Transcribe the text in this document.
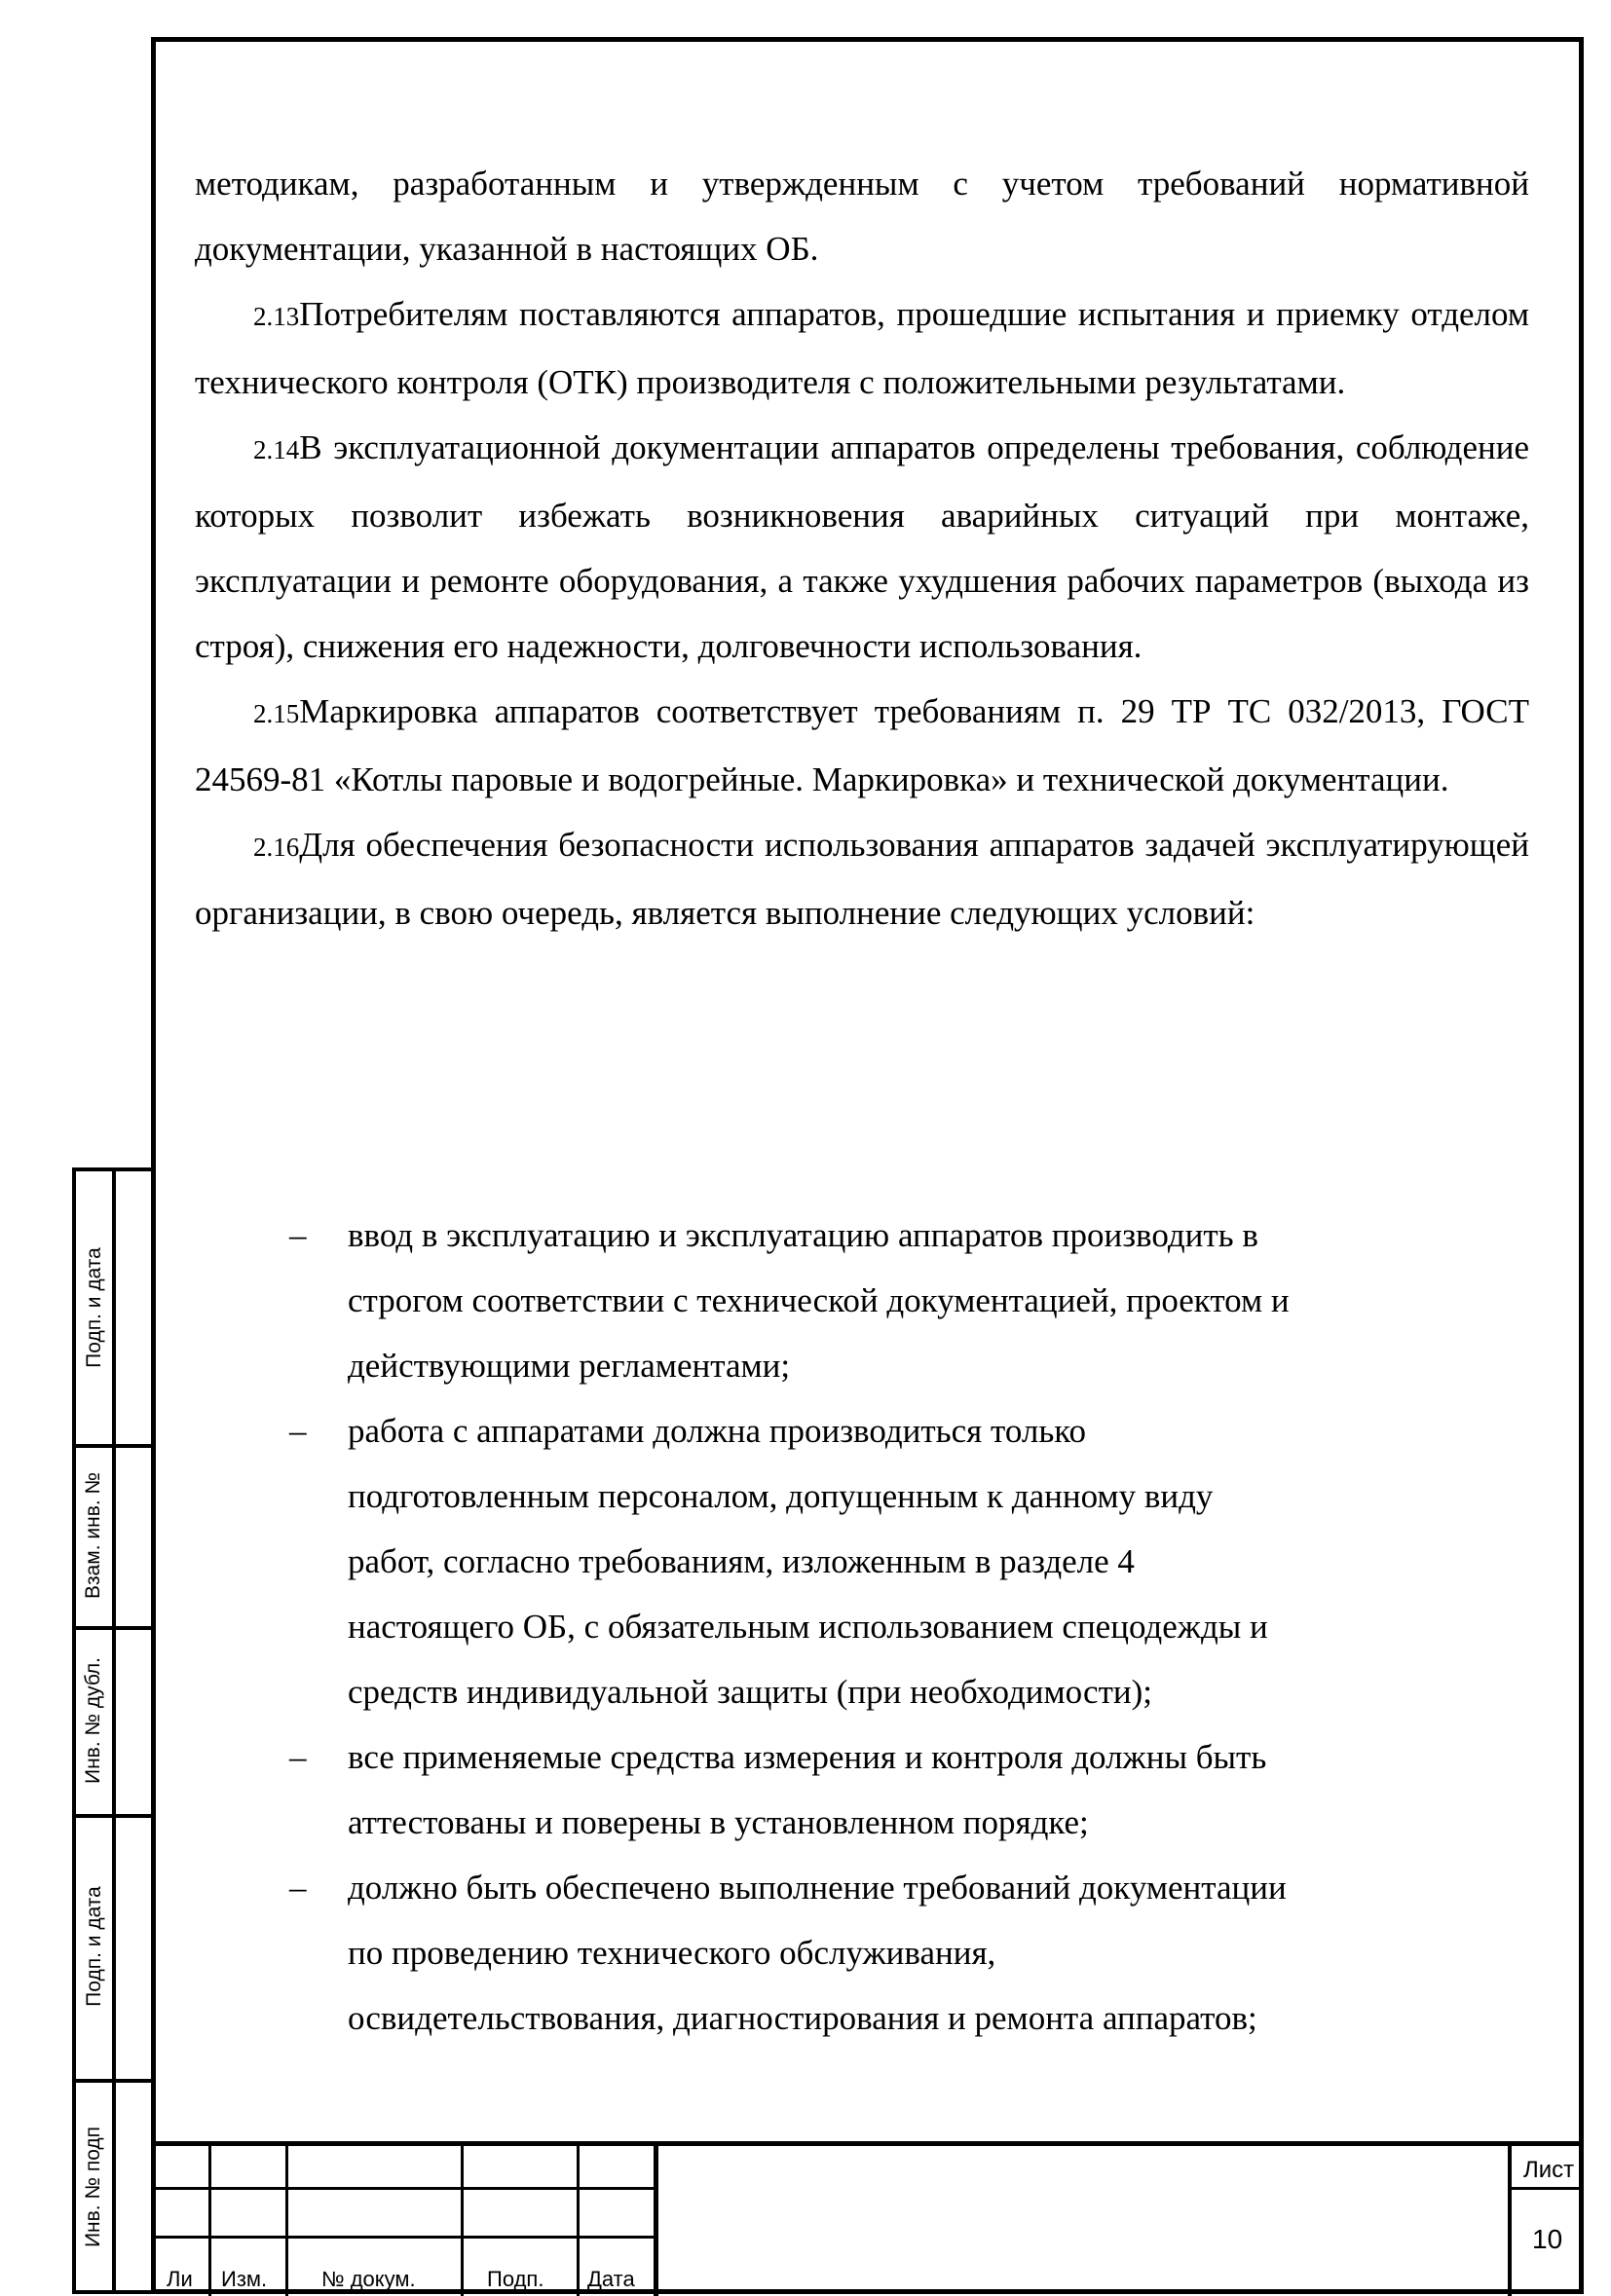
Подп. и дата
Взам. инв. №
Инв. № дубл.
Подп. и дата
Инв. № подп

методикам, разработанным и утвержденным с учетом требований нормативной документации, указанной в настоящих ОБ.

2.13Потребителям поставляются аппаратов, прошедшие испытания и приемку отделом технического контроля (ОТК) производителя с положительными результатами.

2.14В эксплуатационной документации аппаратов определены требования, соблюдение которых позволит избежать возникновения аварийных ситуаций при монтаже, эксплуатации и ремонте оборудования, а также ухудшения рабочих параметров (выхода из строя), снижения его надежности, долговечности использования.

2.15Маркировка аппаратов соответствует требованиям п. 29 ТР ТС 032/2013, ГОСТ 24569-81 «Котлы паровые и водогрейные. Маркировка» и технической документации.

2.16Для обеспечения безопасности использования аппаратов задачей эксплуатирующей организации, в свою очередь, является выполнение следующих условий:

– ввод в эксплуатацию и эксплуатацию аппаратов производить в
строгом соответствии с технической документацией, проектом и
действующими регламентами;
– работа с аппаратами должна производиться только
подготовленным персоналом, допущенным к данному виду
работ, согласно требованиям, изложенным в разделе 4
настоящего ОБ, с обязательным использованием спецодежды и
средств индивидуальной защиты (при необходимости);
– все применяемые средства измерения и контроля должны быть
аттестованы и поверены в установленном порядке;
– должно быть обеспечено выполнение требований документации
по проведению технического обслуживания,
освидетельствования, диагностирования и ремонта аппаратов;
Ли Изм.	№ докум.	Подп. Дата
Лист
10
